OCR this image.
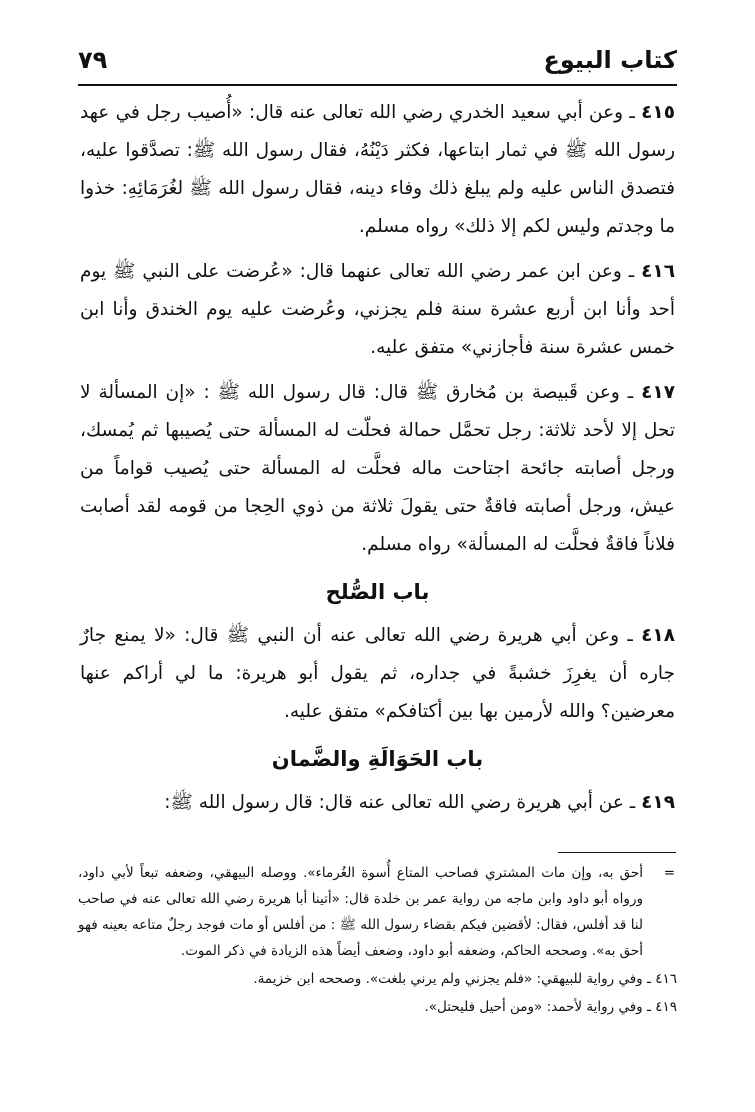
كتاب البيوع
٧٩

٤١٥ ـ وعن أبي سعيد الخدري رضي الله تعالى عنه قال: «أُصيب رجل في عهد رسول الله ﷺ في ثمار ابتاعها، فكثر دَيْنُهُ، فقال رسول الله ﷺ: تصدَّقوا عليه، فتصدق الناس عليه ولم يبلغ ذلك وفاء دينه، فقال رسول الله ﷺ لغُرَمَائِهِ: خذوا ما وجدتم وليس لكم إلا ذلك» رواه مسلم.

٤١٦ ـ وعن ابن عمر رضي الله تعالى عنهما قال: «عُرضت على النبي ﷺ يوم أحد وأنا ابن أربع عشرة سنة فلم يجزني، وعُرضت عليه يوم الخندق وأنا ابن خمس عشرة سنة فأجازني» متفق عليه.

٤١٧ ـ وعن قَبيصة بن مُخارق ﷺ قال: قال رسول الله ﷺ : «إن المسألة لا تحل إلا لأحد ثلاثة: رجل تحمَّل حمالة فحلّت له المسألة حتى يُصيبها ثم يُمسك، ورجل أصابته جائحة اجتاحت ماله فحلَّت له المسألة حتى يُصيب قواماً من عيش، ورجل أصابته فاقةٌ حتى يقولَ ثلاثة من ذوي الحِجا من قومه لقد أصابت فلاناً فاقةٌ فحلَّت له المسألة» رواه مسلم.

باب الصُّلح

٤١٨ ـ وعن أبي هريرة رضي الله تعالى عنه أن النبي ﷺ قال: «لا يمنع جارٌ جاره أن يغرِزَ خشبةً في جداره، ثم يقول أبو هريرة: ما لي أراكم عنها معرضين؟ والله لأرمين بها بين أكتافكم» متفق عليه.

باب الحَوَالَةِ والضَّمان

٤١٩ ـ عن أبي هريرة رضي الله تعالى عنه قال: قال رسول الله ﷺ:

=
أحق به، وإن مات المشتري فصاحب المتاع أُسوة الغُرماء». ووصله البيهقي، وضعفه تبعاً لأبي داود، ورواه أبو داود وابن ماجه من رواية عمر بن خلدة قال: «أتينا أبا هريرة رضي الله تعالى عنه في صاحب لنا قد أفلس، فقال: لأقضين فيكم بقضاء رسول الله ﷺ : من أفلس أو مات فوجد رجلٌ متاعه بعينه فهو أحق به». وصححه الحاكم، وضعفه أبو داود، وضعف أيضاً هذه الزيادة في ذكر الموت.

٤١٦ ـ وفي رواية للبيهقي: «فلم يجزني ولم يرني بلغت». وصححه ابن خزيمة.

٤١٩ ـ وفي رواية لأحمد: «ومن أحيل فليحتل».
